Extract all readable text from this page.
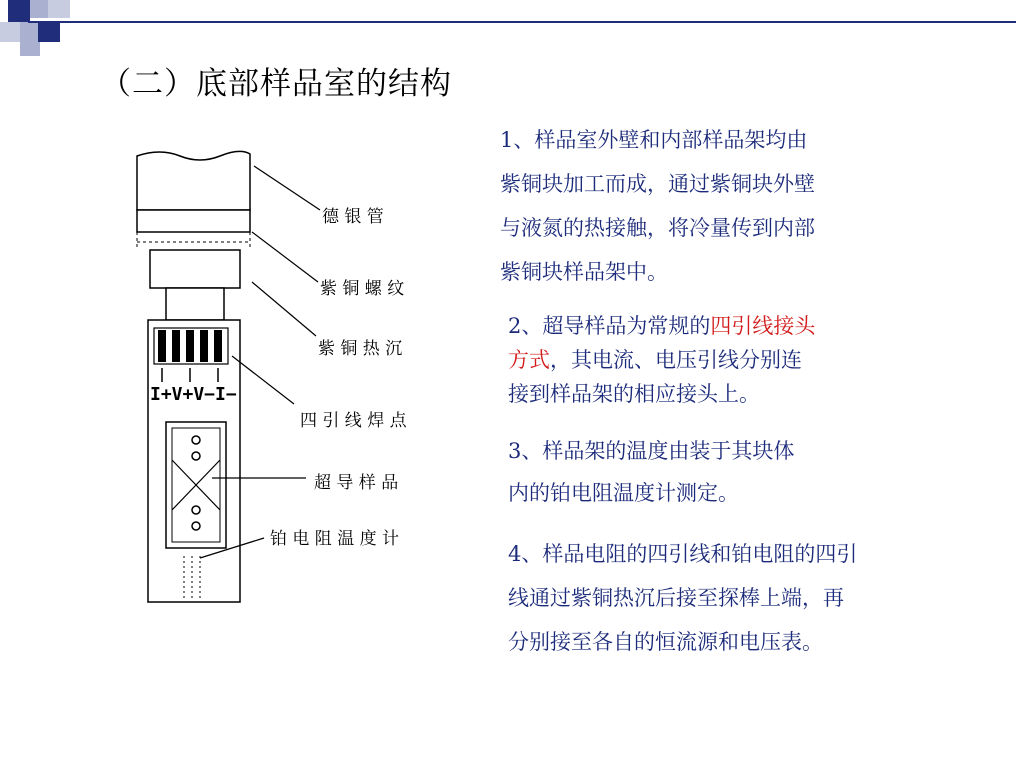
（二）底部样品室的结构
I+V+V−I−
德 银 管
紫 铜 螺 纹
紫 铜 热 沉
四 引 线 焊 点
超 导 样 品
铂 电 阻 温 度 计
1、样品室外壁和内部样品架均由
紫铜块加工而成，通过紫铜块外壁
与液氮的热接触，将冷量传到内部
紫铜块样品架中。
2、超导样品为常规的四引线接头
方式，其电流、电压引线分别连
接到样品架的相应接头上。
3、样品架的温度由装于其块体
内的铂电阻温度计测定。
4、样品电阻的四引线和铂电阻的四引
线通过紫铜热沉后接至探棒上端，再
分别接至各自的恒流源和电压表。
